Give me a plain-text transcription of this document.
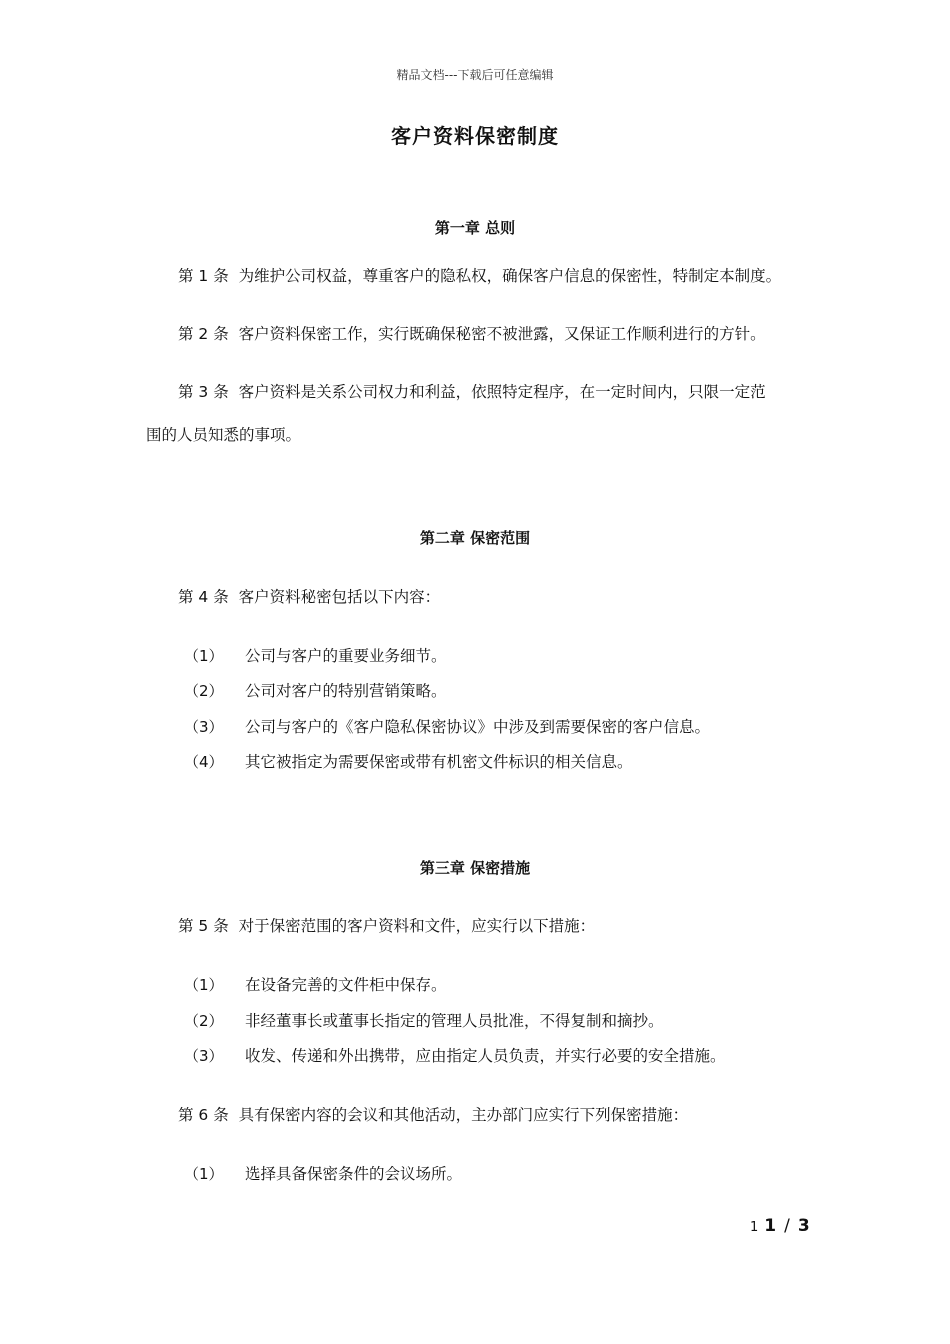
精品文档---下载后可任意编辑
客户资料保密制度
第一章 总则
第 1 条 为维护公司权益，尊重客户的隐私权，确保客户信息的保密性，特制定本制度。
第 2 条 客户资料保密工作，实行既确保秘密不被泄露，又保证工作顺利进行的方针。
第 3 条 客户资料是关系公司权力和利益，依照特定程序，在一定时间内，只限一定范
围的人员知悉的事项。
第二章 保密范围
第 4 条 客户资料秘密包括以下内容：
（1） 公司与客户的重要业务细节。
（2） 公司对客户的特别营销策略。
（3） 公司与客户的《客户隐私保密协议》中涉及到需要保密的客户信息。
（4） 其它被指定为需要保密或带有机密文件标识的相关信息。
第三章 保密措施
第 5 条 对于保密范围的客户资料和文件，应实行以下措施：
（1） 在设备完善的文件柜中保存。
（2） 非经董事长或董事长指定的管理人员批准，不得复制和摘抄。
（3） 收发、传递和外出携带，应由指定人员负责，并实行必要的安全措施。
第 6 条 具有保密内容的会议和其他活动，主办部门应实行下列保密措施：
（1） 选择具备保密条件的会议场所。
1 1 / 3
